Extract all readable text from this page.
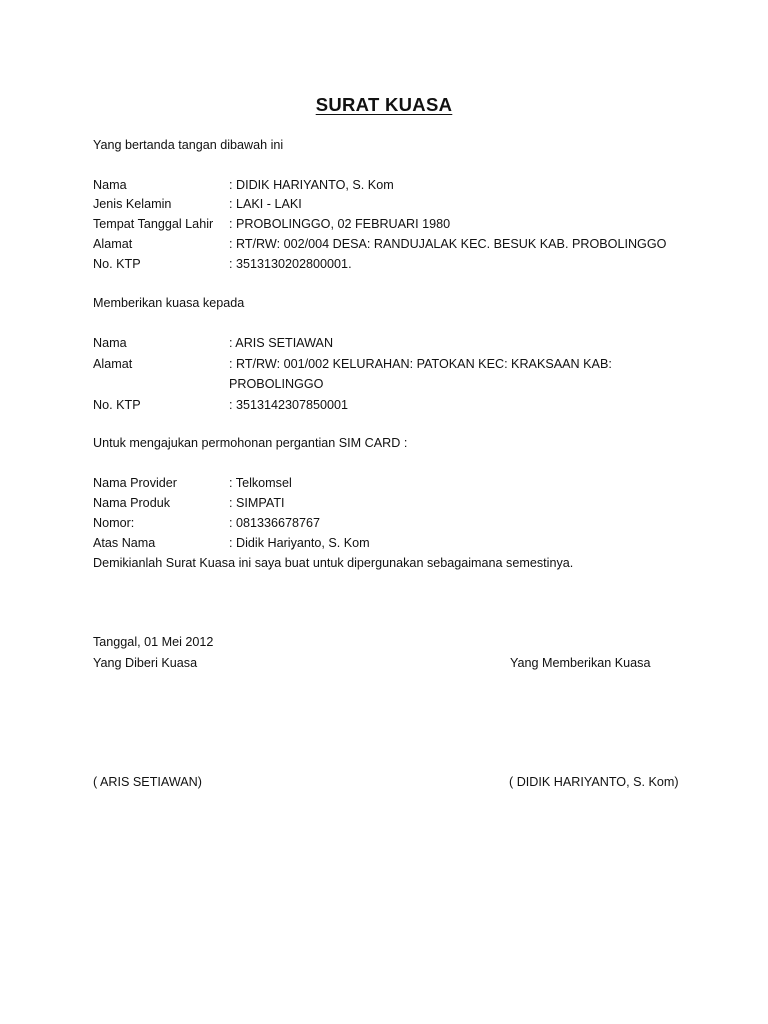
SURAT KUASA
Yang bertanda tangan dibawah ini
Nama	: DIDIK HARIYANTO, S. Kom
Jenis Kelamin	: LAKI - LAKI
Tempat Tanggal Lahir : PROBOLINGGO, 02 FEBRUARI 1980
Alamat	: RT/RW: 002/004 DESA: RANDUJALAK KEC. BESUK KAB. PROBOLINGGO
No. KTP	: 3513130202800001.
Memberikan kuasa kepada
Nama	: ARIS SETIAWAN
Alamat	: RT/RW: 001/002 KELURAHAN: PATOKAN KEC: KRAKSAAN KAB:
PROBOLINGGO
No. KTP	: 3513142307850001
Untuk mengajukan permohonan pergantian SIM CARD :
Nama Provider	: Telkomsel
Nama Produk	: SIMPATI
Nomor:	: 081336678767
Atas Nama	: Didik Hariyanto, S. Kom
Demikianlah Surat Kuasa ini saya buat untuk dipergunakan sebagaimana semestinya.
Tanggal, 01 Mei 2012
Yang Diberi Kuasa	Yang Memberikan Kuasa
( ARIS SETIAWAN)	( DIDIK HARIYANTO, S. Kom)
